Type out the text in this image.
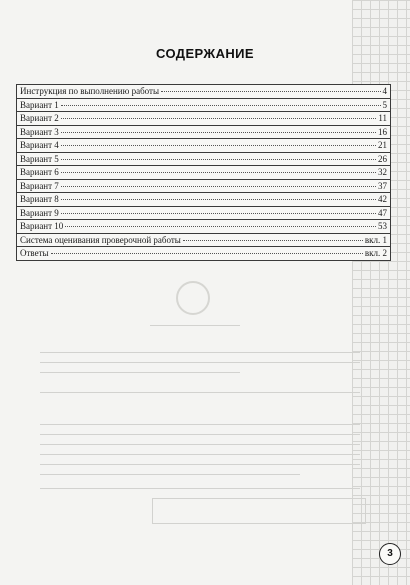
СОДЕРЖАНИЕ
Инструкция по выполнению работы	4

Вариант 1	5

Вариант 2	11

Вариант 3	16

Вариант 4	21

Вариант 5	26

Вариант 6	32

Вариант 7	37

Вариант 8	42

Вариант 9	47

Вариант 10	53

Система оценивания проверочной работы	вкл. 1

Ответы	вкл. 2
3
